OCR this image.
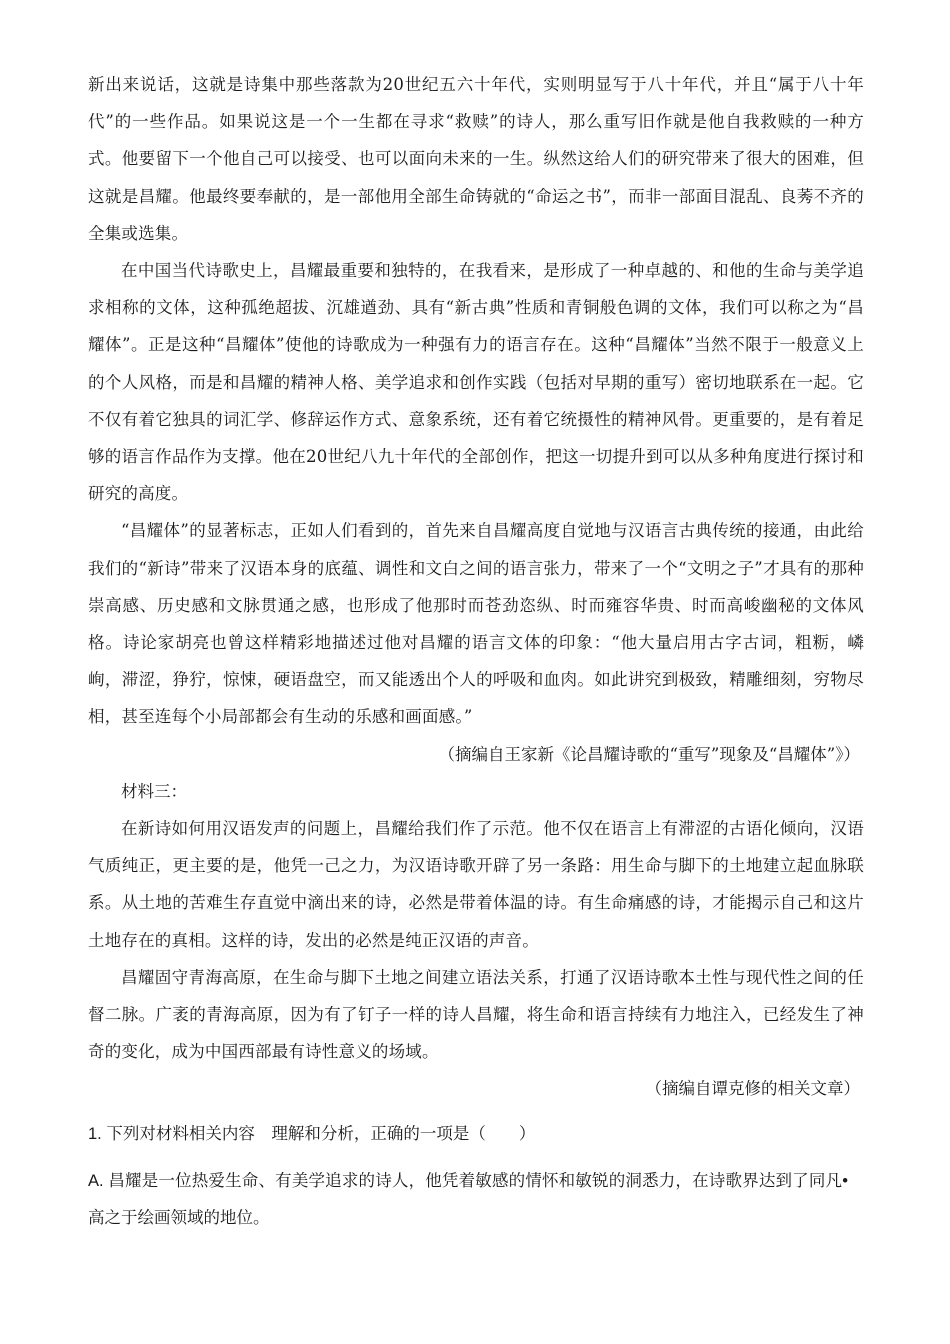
新出来说话，这就是诗集中那些落款为20世纪五六十年代，实则明显写于八十年代，并且“属于八十年代”的一些作品。如果说这是一个一生都在寻求“救赎”的诗人，那么重写旧作就是他自我救赎的一种方式。他要留下一个他自己可以接受、也可以面向未来的一生。纵然这给人们的研究带来了很大的困难，但这就是昌耀。他最终要奉献的，是一部他用全部生命铸就的“命运之书”，而非一部面目混乱、良莠不齐的全集或选集。

在中国当代诗歌史上，昌耀最重要和独特的，在我看来，是形成了一种卓越的、和他的生命与美学追求相称的文体，这种孤绝超拔、沉雄遒劲、具有“新古典”性质和青铜般色调的文体，我们可以称之为“昌耀体”。正是这种“昌耀体”使他的诗歌成为一种强有力的语言存在。这种“昌耀体”当然不限于一般意义上的个人风格，而是和昌耀的精神人格、美学追求和创作实践（包括对早期的重写）密切地联系在一起。它不仅有着它独具的词汇学、修辞运作方式、意象系统，还有着它统摄性的精神风骨。更重要的，是有着足够的语言作品作为支撑。他在20世纪八九十年代的全部创作，把这一切提升到可以从多种角度进行探讨和研究的高度。

“昌耀体”的显著标志，正如人们看到的，首先来自昌耀高度自觉地与汉语言古典传统的接通，由此给我们的“新诗”带来了汉语本身的底蕴、调性和文白之间的语言张力，带来了一个“文明之子”才具有的那种崇高感、历史感和文脉贯通之感，也形成了他那时而苍劲恣纵、时而雍容华贵、时而高峻幽秘的文体风格。诗论家胡亮也曾这样精彩地描述过他对昌耀的语言文体的印象：“他大量启用古字古词，粗粝，嶙峋，滞涩，狰狞，惊悚，硬语盘空，而又能透出个人的呼吸和血肉。如此讲究到极致，精雕细刻，穷物尽相，甚至连每个小局部都会有生动的乐感和画面感。”

（摘编自王家新《论昌耀诗歌的“重写”现象及“昌耀体”》）

材料三：

在新诗如何用汉语发声的问题上，昌耀给我们作了示范。他不仅在语言上有滞涩的古语化倾向，汉语气质纯正，更主要的是，他凭一己之力，为汉语诗歌开辟了另一条路：用生命与脚下的土地建立起血脉联系。从土地的苦难生存直觉中滴出来的诗，必然是带着体温的诗。有生命痛感的诗，才能揭示自己和这片土地存在的真相。这样的诗，发出的必然是纯正汉语的声音。

昌耀固守青海高原，在生命与脚下土地之间建立语法关系，打通了汉语诗歌本土性与现代性之间的任督二脉。广袤的青海高原，因为有了钉子一样的诗人昌耀，将生命和语言持续有力地注入，已经发生了神奇的变化，成为中国西部最有诗性意义的场域。

（摘编自谭克修的相关文章）

1. 下列对材料相关内容　理解和分析，正确的一项是（　　）

A. 昌耀是一位热爱生命、有美学追求的诗人，他凭着敏感的情怀和敏锐的洞悉力，在诗歌界达到了同凡•高之于绘画领域的地位。
